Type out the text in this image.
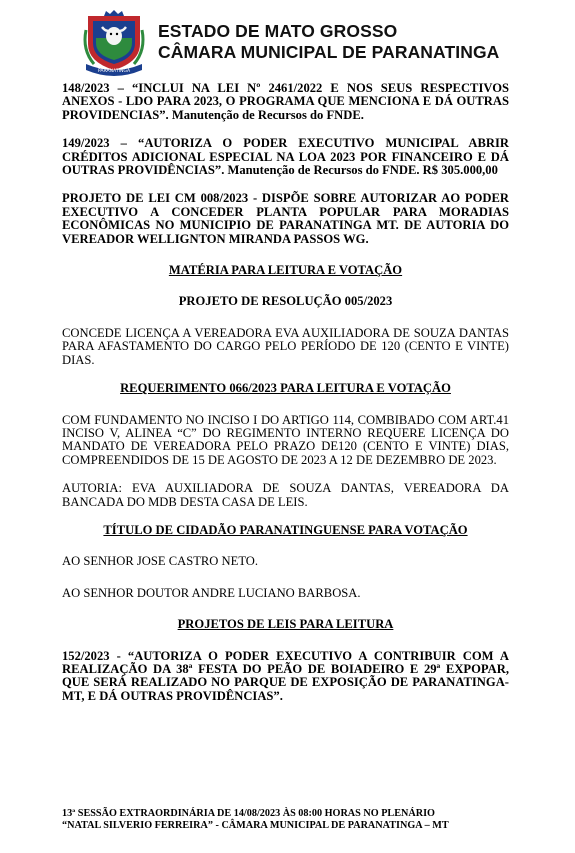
PARANATINGA
ESTADO DE MATO GROSSO
CÂMARA MUNICIPAL DE PARANATINGA

148/2023 – “INCLUI NA LEI Nº 2461/2022 E NOS SEUS RESPECTIVOS ANEXOS - LDO PARA 2023, O PROGRAMA QUE MENCIONA E DÁ OUTRAS PROVIDENCIAS”. Manutenção de Recursos do FNDE.

149/2023 – “AUTORIZA O PODER EXECUTIVO MUNICIPAL ABRIR CRÉDITOS ADICIONAL ESPECIAL NA LOA 2023 POR FINANCEIRO E DÁ OUTRAS PROVIDÊNCIAS”. Manutenção de Recursos do FNDE. R$ 305.000,00

PROJETO DE LEI CM 008/2023 - DISPÕE SOBRE AUTORIZAR AO PODER EXECUTIVO A CONCEDER PLANTA POPULAR PARA MORADIAS ECONÔMICAS NO MUNICIPIO DE PARANATINGA MT. DE AUTORIA DO VEREADOR WELLIGNTON MIRANDA PASSOS WG.

MATÉRIA PARA LEITURA E VOTAÇÃO

PROJETO DE RESOLUÇÃO 005/2023

CONCEDE LICENÇA A VEREADORA EVA AUXILIADORA DE SOUZA DANTAS PARA AFASTAMENTO DO CARGO PELO PERÍODO DE 120 (CENTO E VINTE) DIAS.

REQUERIMENTO 066/2023 PARA LEITURA E VOTAÇÃO

COM FUNDAMENTO NO INCISO I DO ARTIGO 114, COMBIBADO COM ART.41 INCISO V, ALINEA “C” DO REGIMENTO INTERNO REQUERE LICENÇA DO MANDATO DE VEREADORA PELO PRAZO DE120 (CENTO E VINTE) DIAS, COMPREENDIDOS DE 15 DE AGOSTO DE 2023 A 12 DE DEZEMBRO DE 2023.

AUTORIA: EVA AUXILIADORA DE SOUZA DANTAS, VEREADORA DA BANCADA DO MDB DESTA CASA DE LEIS.

TÍTULO DE CIDADÃO PARANATINGUENSE PARA VOTAÇÃO

AO SENHOR JOSE CASTRO NETO.

AO SENHOR DOUTOR ANDRE LUCIANO BARBOSA.

PROJETOS DE LEIS PARA LEITURA

152/2023 - “AUTORIZA O PODER EXECUTIVO A CONTRIBUIR COM A REALIZAÇÃO DA 38ª FESTA DO PEÃO DE BOIADEIRO E 29ª EXPOPAR, QUE SERÁ REALIZADO NO PARQUE DE EXPOSIÇÃO DE PARANATINGA-MT, E DÁ OUTRAS PROVIDÊNCIAS”.

13ª SESSÃO EXTRAORDINÁRIA DE 14/08/2023 ÀS 08:00 HORAS NO PLENÁRIO
“NATAL SILVERIO FERREIRA” - CÂMARA MUNICIPAL DE PARANATINGA – MT
